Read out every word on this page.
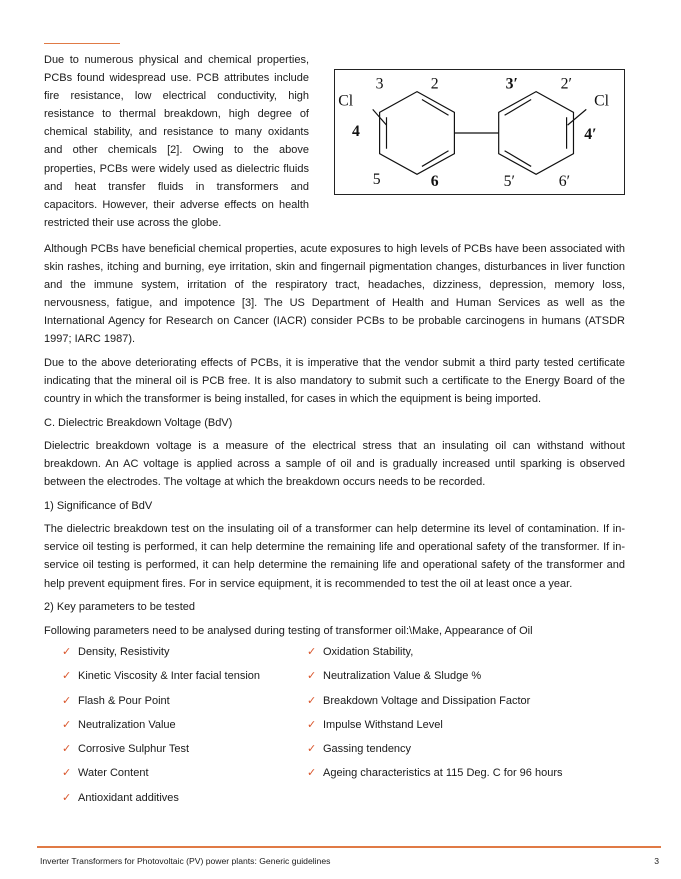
Due to numerous physical and chemical properties, PCBs found widespread use. PCB attributes include fire resistance, low electrical conductivity, high resistance to thermal breakdown, high degree of chemical stability, and resistance to many oxidants and other chemicals [2]. Owing to the above properties, PCBs were widely used as dielectric fluids and heat transfer fluids in transformers and capacitors. However, their adverse effects on health restricted their use across the globe.
Cl	Cl
3	2
4
5	6
3′	2′
4′
5′	6′

Although PCBs have beneficial chemical properties, acute exposures to high levels of PCBs have been associated with skin rashes, itching and burning, eye irritation, skin and fingernail pigmentation changes, disturbances in liver function and the immune system, irritation of the respiratory tract, headaches, dizziness, depression, memory loss, nervousness, fatigue, and impotence [3]. The US Department of Health and Human Services as well as the International Agency for Research on Cancer (IACR) consider PCBs to be probable carcinogens in humans (ATSDR 1997; IARC 1987).

Due to the above deteriorating effects of PCBs, it is imperative that the vendor submit a third party tested certificate indicating that the mineral oil is PCB free. It is also mandatory to submit such a certificate to the Energy Board of the country in which the transformer is being installed, for cases in which the equipment is being imported.

C. Dielectric Breakdown Voltage (BdV)

Dielectric breakdown voltage is a measure of the electrical stress that an insulating oil can withstand without breakdown. An AC voltage is applied across a sample of oil and is gradually increased until sparking is observed between the electrodes. The voltage at which the breakdown occurs needs to be recorded.

1) Significance of BdV

The dielectric breakdown test on the insulating oil of a transformer can help determine its level of contamination. If in-service oil testing is performed, it can help determine the remaining life and operational safety of the transformer. If in-service oil testing is performed, it can help determine the remaining life and operational safety of the transformer and help prevent equipment fires. For in service equipment, it is recommended to test the oil at least once a year.

2) Key parameters to be tested

Following parameters need to be analysed during testing of transformer oil:\Make, Appearance of Oil

✓ Density, Resistivity	✓ Oxidation Stability,
✓ Kinetic Viscosity & Inter facial tension	✓ Neutralization Value & Sludge %
✓ Flash & Pour Point	✓ Breakdown Voltage and Dissipation Factor
✓ Neutralization Value	✓ Impulse Withstand Level
✓ Corrosive Sulphur Test	✓ Gassing tendency
✓ Water Content	✓ Ageing characteristics at 115 Deg. C for 96 hours
✓ Antioxidant additives
Inverter Transformers for Photovoltaic (PV) power plants: Generic guidelines	3
